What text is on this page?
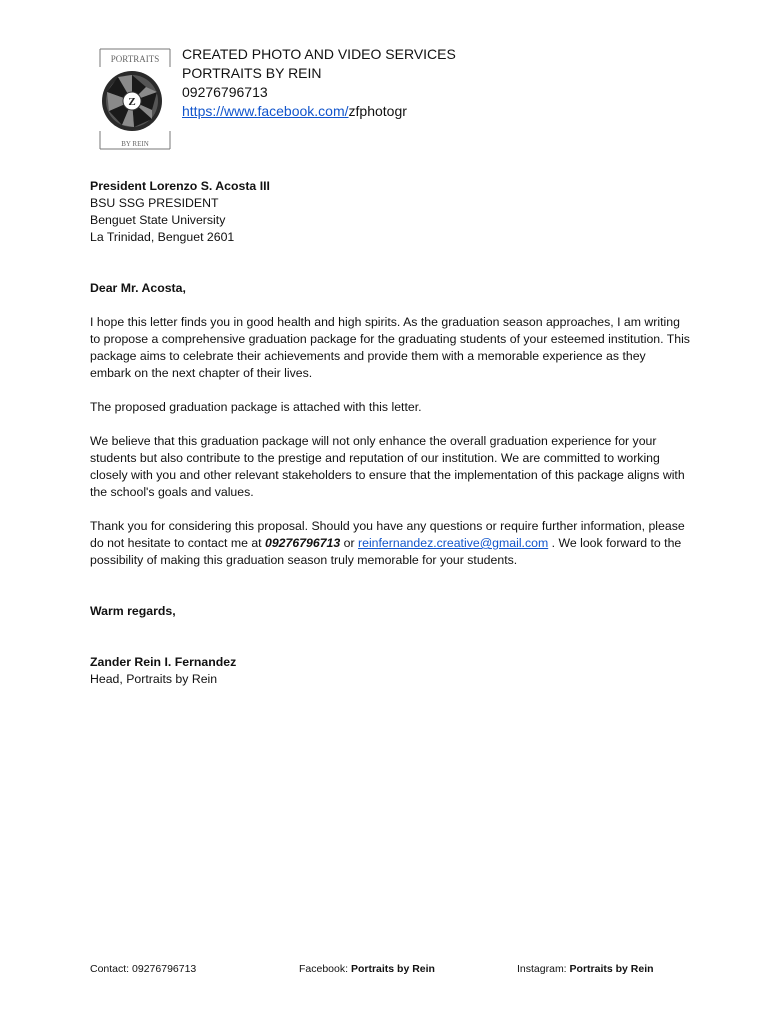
PORTRAITS
BY REIN
Z
CREATED PHOTO AND VIDEO SERVICES
PORTRAITS BY REIN
09276796713
https://www.facebook.com/zfphotogr

President Lorenzo S. Acosta III

BSU SSG PRESIDENT

Benguet State University

La Trinidad, Benguet 2601

Dear Mr. Acosta,

I hope this letter finds you in good health and high spirits. As the graduation season approaches, I am writing to propose a comprehensive graduation package for the graduating students of your esteemed institution. This package aims to celebrate their achievements and provide them with a memorable experience as they embark on the next chapter of their lives.

The proposed graduation package is attached with this letter.

We believe that this graduation package will not only enhance the overall graduation experience for your students but also contribute to the prestige and reputation of our institution. We are committed to working closely with you and other relevant stakeholders to ensure that the implementation of this package aligns with the school's goals and values.

Thank you for considering this proposal. Should you have any questions or require further information, please do not hesitate to contact me at 09276796713 or reinfernandez.creative@gmail.com . We look forward to the possibility of making this graduation season truly memorable for your students.

Warm regards,

Zander Rein I. Fernandez

Head, Portraits by Rein

Contact: 09276796713	Facebook: Portraits by Rein	Instagram: Portraits by Rein
